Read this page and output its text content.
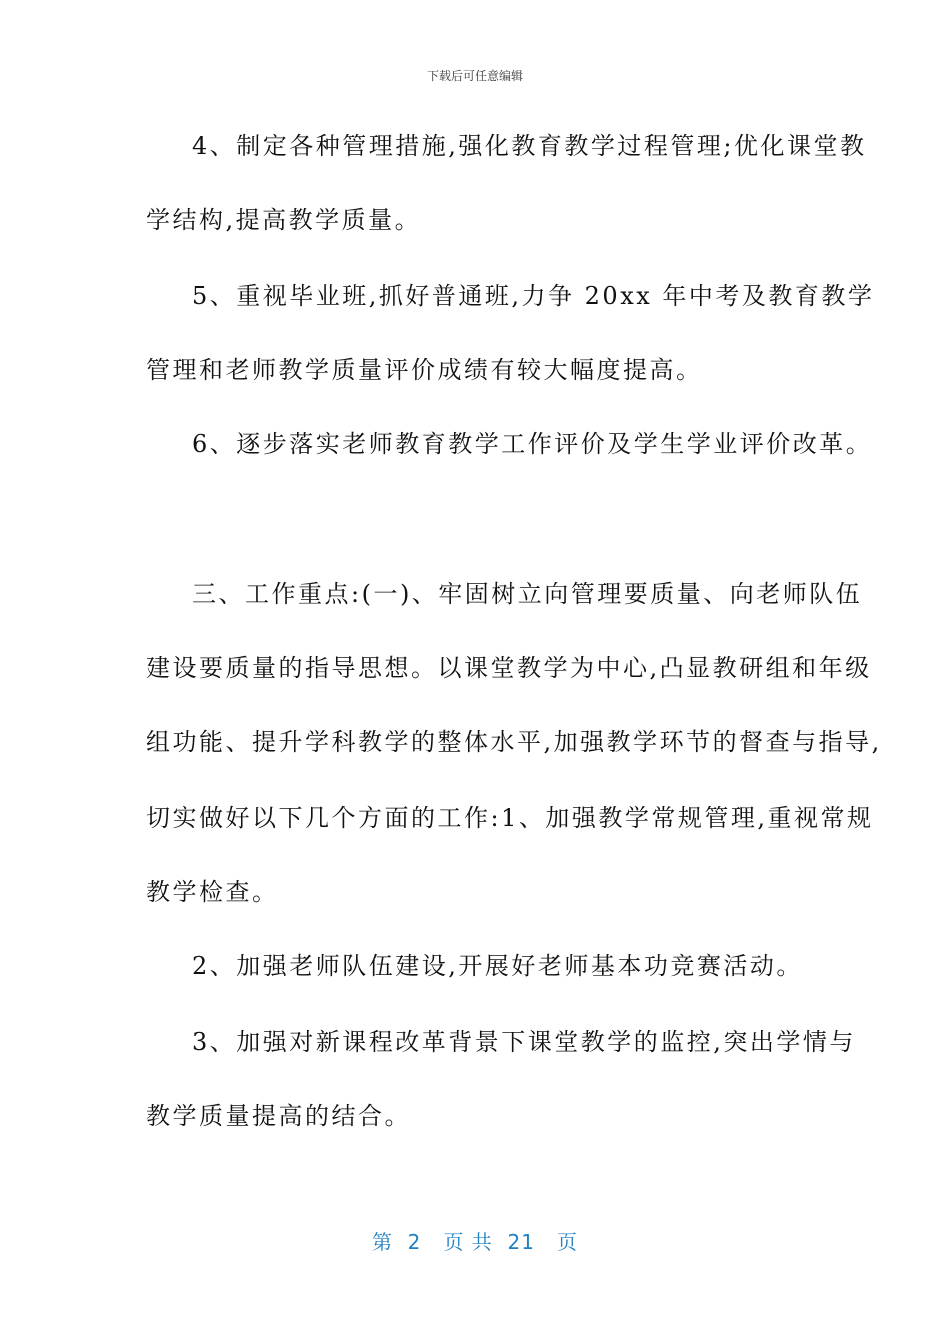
下载后可任意编辑
4、制定各种管理措施,强化教育教学过程管理;优化课堂教
学结构,提高教学质量。
5、重视毕业班,抓好普通班,力争 20xx 年中考及教育教学
管理和老师教学质量评价成绩有较大幅度提高。
6、逐步落实老师教育教学工作评价及学生学业评价改革。
三、工作重点:(一)、牢固树立向管理要质量、向老师队伍
建设要质量的指导思想。以课堂教学为中心,凸显教研组和年级
组功能、提升学科教学的整体水平,加强教学环节的督查与指导,
切实做好以下几个方面的工作:1、加强教学常规管理,重视常规
教学检查。
2、加强老师队伍建设,开展好老师基本功竞赛活动。
3、加强对新课程改革背景下课堂教学的监控,突出学情与
教学质量提高的结合。
第  2   页 共  21   页
